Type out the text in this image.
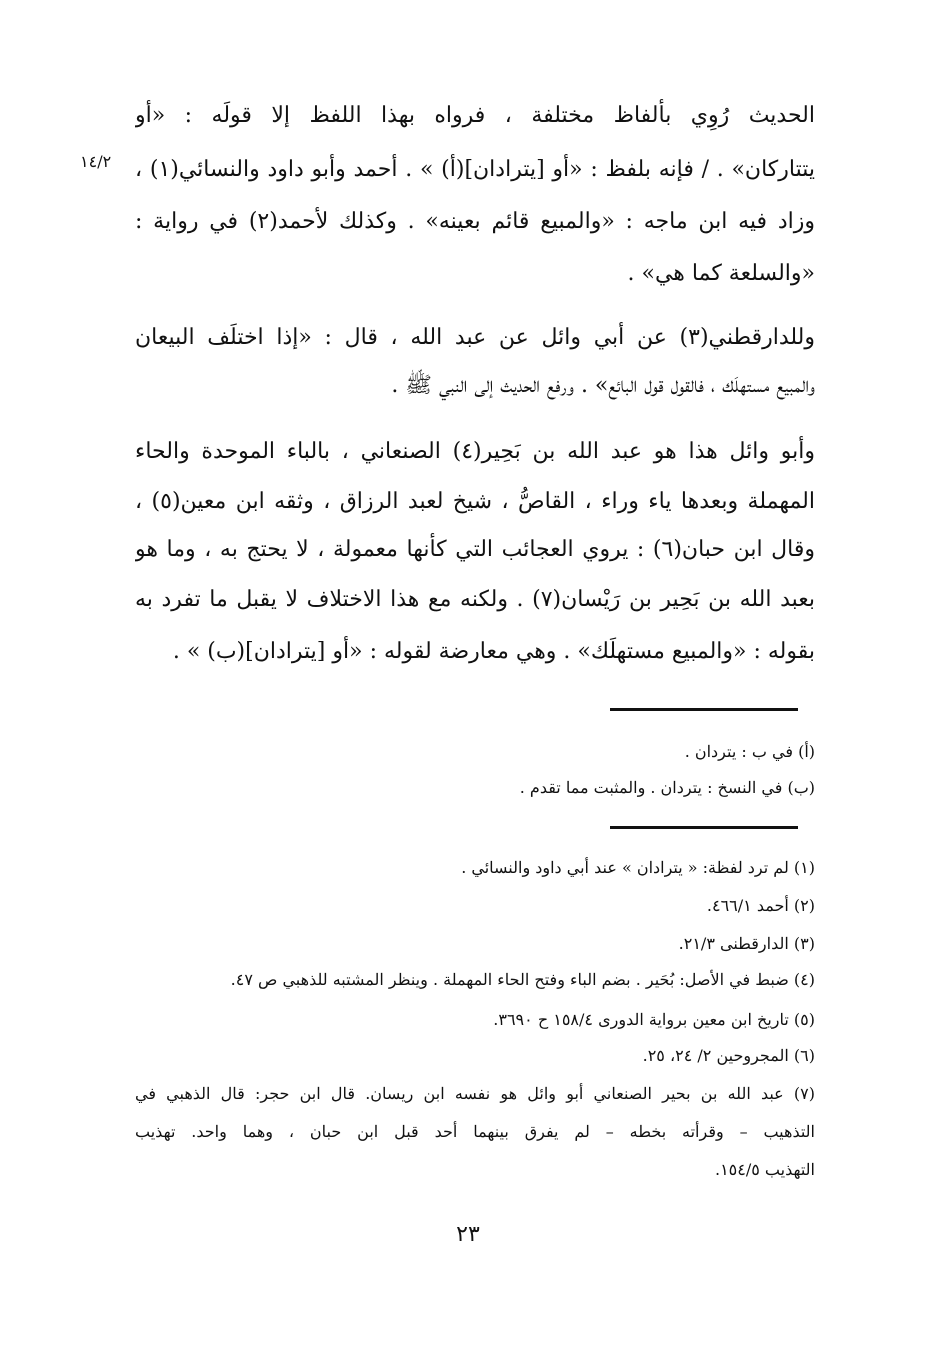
١٤/٢
الحديث رُوِي بألفاظ مختلفة ، فرواه بهذا اللفظ إلا قولَه : «أو
يتتاركان» . / فإنه بلفظ : «أو [يترادان](أ) » . أحمد وأبو داود والنسائي(١) ،
وزاد فيه ابن ماجه : «والمبيع قائم بعينه» . وكذلك لأحمد(٢) في رواية :
«والسلعة كما هي» .
وللدارقطني(٣) عن أبي وائل عن عبد الله ، قال : «إذا اختلَف البيعان
والمبيع مستهلَك ، فالقول قول البائع» . ورفع الحديث إلى النبي ﷺ .
وأبو وائل هذا هو عبد الله بن بَحِير(٤) الصنعاني ، بالباء الموحدة والحاء
المهملة وبعدها ياء وراء ، القاصُّ ، شيخ لعبد الرزاق ، وثقه ابن معين(٥) ،
وقال ابن حبان(٦) : يروي العجائب التي كأنها معمولة ، لا يحتج به ، وما هو
بعبد الله بن بَحِير بن رَيْسان(٧) . ولكنه مع هذا الاختلاف لا يقبل ما تفرد به
بقوله : «والمبيع مستهلَك» . وهي معارضة لقوله : «أو [يترادان](ب) » .
(أ) في ب : يتردان .
(ب) في النسخ : يتردان . والمثبت مما تقدم .
(١) لم ترد لفظة: « يترادان » عند أبي داود والنسائي .
(٢) أحمد ٤٦٦/١.
(٣) الدارقطنى ٢١/٣.
(٤) ضبط في الأصل: بُحَير . بضم الباء وفتح الحاء المهملة . وينظر المشتبه للذهبي ص ٤٧.
(٥) تاريخ ابن معين برواية الدورى ١٥٨/٤ ح ٣٦٩٠.
(٦) المجروحين ٢/ ٢٤، ٢٥.
(٧) عبد الله بن بحير الصنعاني أبو وائل هو نفسه ابن ريسان. قال ابن حجر: قال الذهبي في
التذهيب – وقرأته بخطه – لم يفرق بينهما أحد قبل ابن حبان ، وهما واحد. تهذيب
التهذيب ١٥٤/٥.
٢٣
